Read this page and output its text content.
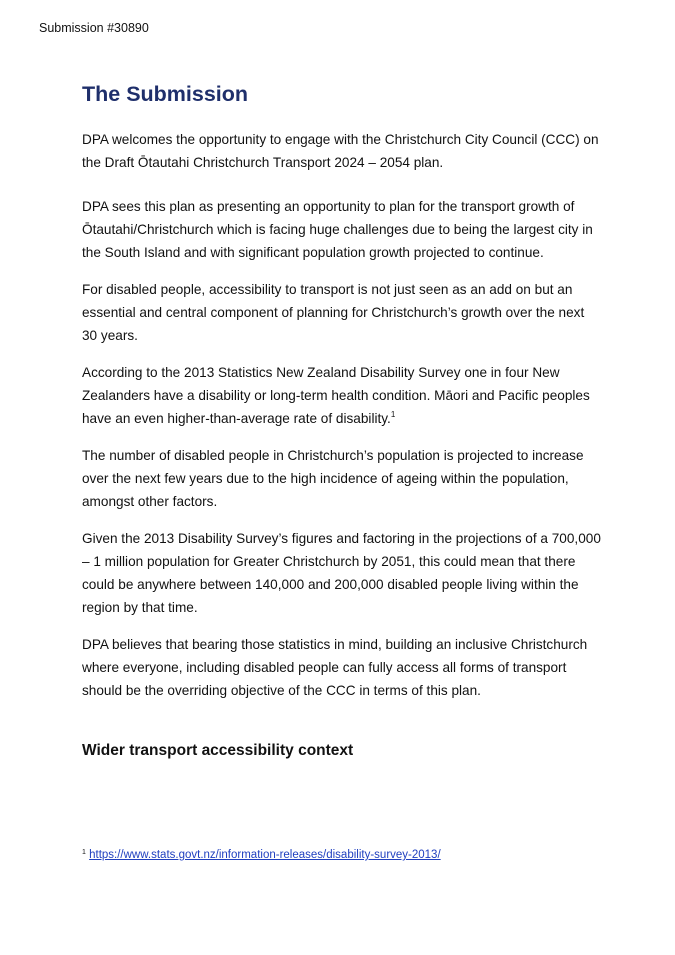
Submission #30890
The Submission

DPA welcomes the opportunity to engage with the Christchurch City Council (CCC) on the Draft Ōtautahi Christchurch Transport 2024 – 2054 plan.

DPA sees this plan as presenting an opportunity to plan for the transport growth of Ōtautahi/Christchurch which is facing huge challenges due to being the largest city in the South Island and with significant population growth projected to continue.

For disabled people, accessibility to transport is not just seen as an add on but an essential and central component of planning for Christchurch’s growth over the next 30 years.

According to the 2013 Statistics New Zealand Disability Survey one in four New Zealanders have a disability or long-term health condition. Māori and Pacific peoples have an even higher-than-average rate of disability.$^1$

The number of disabled people in Christchurch’s population is projected to increase over the next few years due to the high incidence of ageing within the population, amongst other factors.

Given the 2013 Disability Survey’s figures and factoring in the projections of a 700,000 – 1 million population for Greater Christchurch by 2051, this could mean that there could be anywhere between 140,000 and 200,000 disabled people living within the region by that time.

DPA believes that bearing those statistics in mind, building an inclusive Christchurch where everyone, including disabled people can fully access all forms of transport should be the overriding objective of the CCC in terms of this plan.

Wider transport accessibility context
$^1$ https://www.stats.govt.nz/information-releases/disability-survey-2013/
